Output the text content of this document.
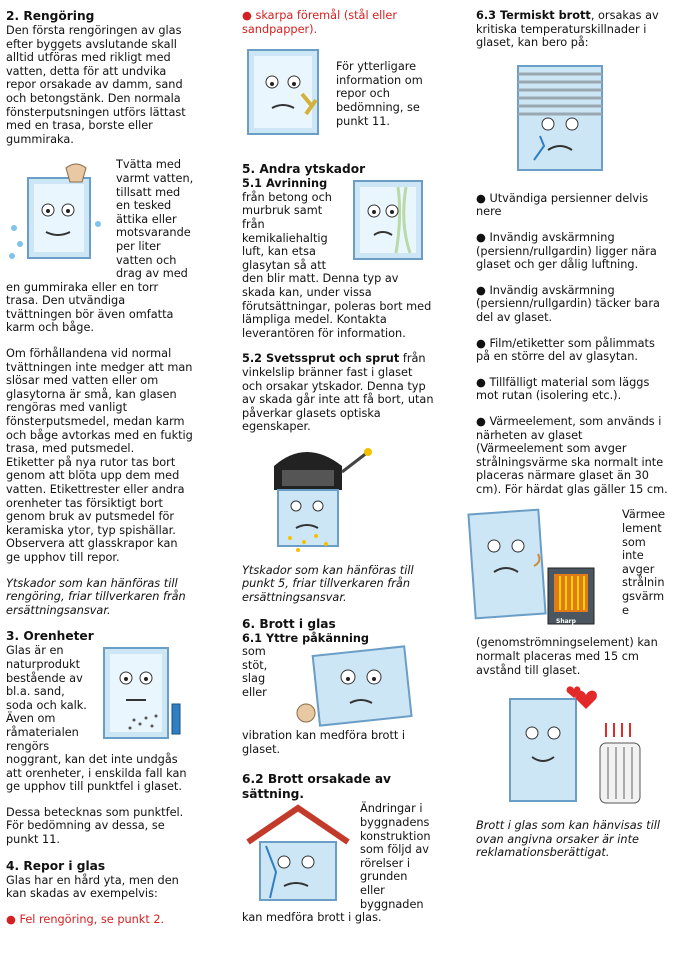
2. Rengöring

Den första rengöringen av glas efter byggets avslutande skall alltid utföras med rikligt med vatten, detta för att undvika repor orsakade av damm, sand och betongstänk. Den normala fönsterputsningen utförs lättast med en trasa, borste eller gummiraka.

Tvätta med varmt vatten, tillsatt med en tesked ättika eller motsvarande per liter vatten och drag av med en gummiraka eller en torr trasa. Den utvändiga tvättningen bör även omfatta karm och båge.

Om förhållandena vid normal tvättningen inte medger att man slösar med vatten eller om glasytorna är små, kan glasen rengöras med vanligt fönsterputsmedel, medan karm och båge avtorkas med en fuktig trasa, med putsmedel.

Etiketter på nya rutor tas bort genom att blöta upp dem med vatten. Etikettrester eller andra orenheter tas försiktigt bort genom bruk av putsmedel för keramiska ytor, typ spishällar. Observera att glasskrapor kan ge upphov till repor.

Ytskador som kan hänföras till rengöring, friar tillverkaren från ersättningsansvar.

3. Orenheter

Glas är en naturprodukt bestående av bl.a. sand, soda och kalk. Även om råmaterialen rengörs noggrant, kan det inte undgås att orenheter, i enskilda fall kan ge upphov till punktfel i glaset.

Dessa betecknas som punktfel. För bedömning av dessa, se punkt 11.

4. Repor i glas

Glas har en hård yta, men den kan skadas av exempelvis:

● Fel rengöring, se punkt 2.

● skarpa föremål (stål eller sandpapper).

För ytterligare information om repor och bedömning, se punkt 11.

5. Andra ytskador

5.1 Avrinning från betong och murbruk samt från kemikaliehaltig luft, kan etsa glasytan så att den blir matt. Denna typ av skada kan, under vissa förutsättningar, poleras bort med lämpliga medel. Kontakta leverantören för information.

5.2 Svetssprut och sprut från vinkelslip bränner fast i glaset och orsakar ytskador. Denna typ av skada går inte att få bort, utan påverkar glasets optiska egenskaper.

Ytskador som kan hänföras till punkt 5, friar tillverkaren från ersättningsansvar.

6. Brott i glas

6.1 Yttre påkänning

som stöt, slag eller vibration kan medföra brott i glaset.

6.2 Brott orsakade av sättning.

Ändringar i byggnadens konstruktion som följd av rörelser i grunden eller byggnaden kan medföra brott i glas.

6.3 Termiskt brott, orsakas av kritiska temperaturskillnader i glaset, kan bero på:

● Utvändiga persienner delvis nere

● Invändig avskärmning (persienn/rullgardin) ligger nära glaset och ger dålig luftning.

● Invändig avskärmning (persienn/rullgardin) täcker bara del av glaset.

● Film/etiketter som pålimmats på en större del av glasytan.

● Tillfälligt material som läggs mot rutan (isolering etc.).

● Värmeelement, som används i närheten av glaset (Värmeelement som avger strålningsvärme ska normalt inte placeras närmare glaset än 30 cm). För härdat glas gäller 15 cm.

Sharp

Värmeelement som inte avger strålningsvärme

(genomströmningselement) kan normalt placeras med 15 cm avstånd till glaset.

Brott i glas som kan hänvisas till ovan angivna orsaker är inte reklamationsberättigat.
